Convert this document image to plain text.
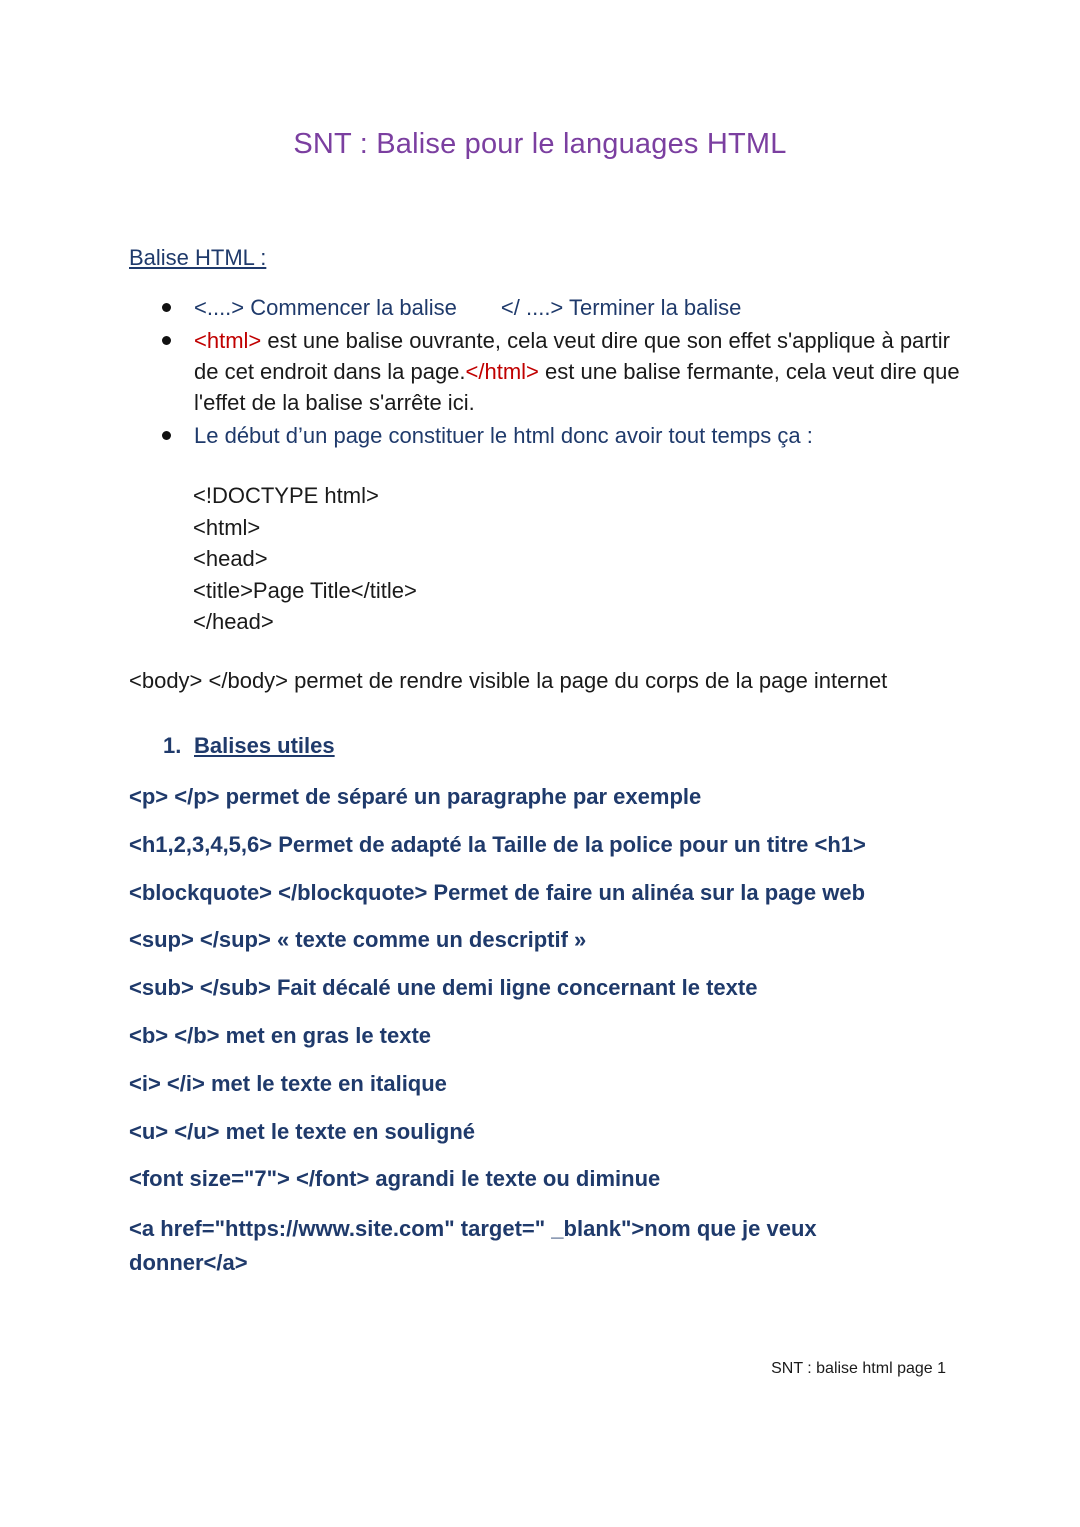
SNT : Balise pour le languages HTML
Balise HTML :
<....> Commencer la balise </ ....> Terminer la balise
<html> est une balise ouvrante, cela veut dire que son effet s'applique à partir de cet endroit dans la page.</html> est une balise fermante, cela veut dire que l'effet de la balise s'arrête ici.
Le début d’un page constituer le html donc avoir tout temps ça :
<!DOCTYPE html>
<html>
<head>
<title>Page Title</title>
</head>
<body> </body> permet de rendre visible la page du corps de la page internet
1. Balises utiles
<p> </p> permet de séparé un paragraphe par exemple
<h1,2,3,4,5,6> Permet de adapté la Taille de la police pour un titre <h1>
<blockquote> </blockquote> Permet de faire un alinéa sur la page web
<sup> </sup> « texte comme un descriptif »
<sub> </sub> Fait décalé une demi ligne concernant le texte
<b> </b> met en gras le texte
<i> </i> met le texte en italique
<u> </u> met le texte en souligné
<font size="7"> </font> agrandi le texte ou diminue
<a href="https://www.site.com" target=" _blank">nom que je veux
donner</a>
SNT : balise html page 1
